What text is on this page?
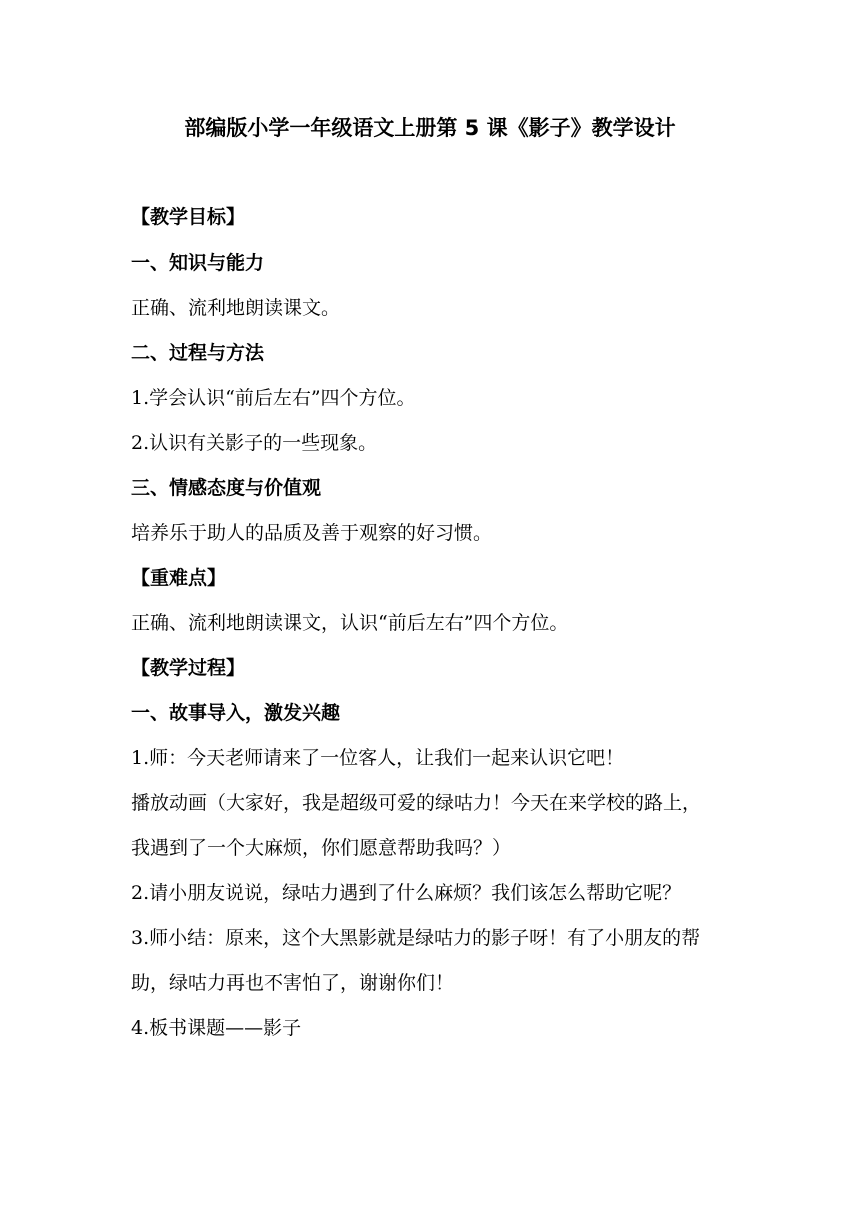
部编版小学一年级语文上册第 5 课《影子》教学设计
【教学目标】
一、知识与能力
正确、流利地朗读课文。
二、过程与方法
1.学会认识“前后左右”四个方位。
2.认识有关影子的一些现象。
三、情感态度与价值观
培养乐于助人的品质及善于观察的好习惯。
【重难点】
正确、流利地朗读课文，认识“前后左右”四个方位。
【教学过程】
一、故事导入，激发兴趣
1.师：今天老师请来了一位客人，让我们一起来认识它吧！
播放动画（大家好，我是超级可爱的绿咕力！今天在来学校的路上，
我遇到了一个大麻烦，你们愿意帮助我吗？）
2.请小朋友说说，绿咕力遇到了什么麻烦？我们该怎么帮助它呢？
3.师小结：原来，这个大黑影就是绿咕力的影子呀！有了小朋友的帮
助，绿咕力再也不害怕了，谢谢你们！
4.板书课题——影子
